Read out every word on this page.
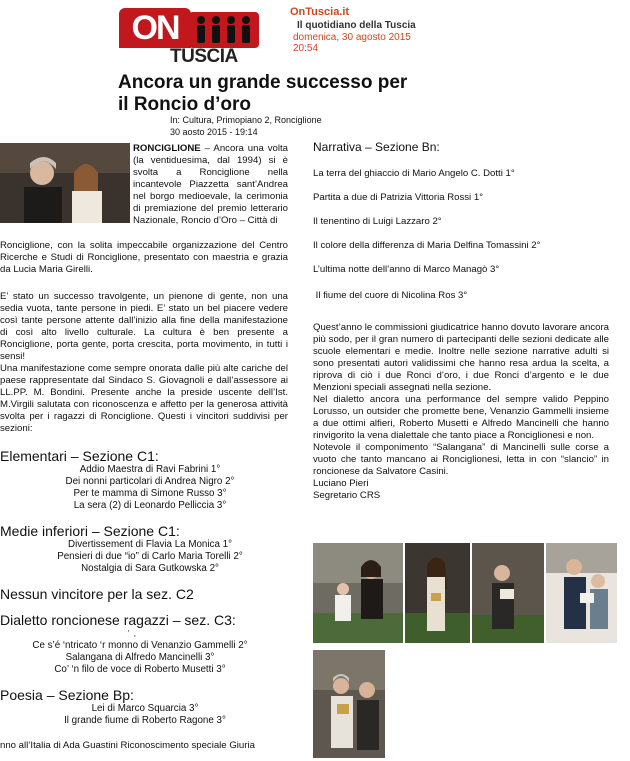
ON
TUSCIA
OnTuscia.it
Il quotidiano della Tuscia
domenica, 30 agosto 2015
20:54
Ancora un grande successo per il Roncio d’oro
In: Cultura, Primopiano 2, Ronciglione
30 aosto 2015 - 19:14
RONCIGLIONE – Ancora una volta (la ventiduesima, dal 1994) si è svolta a Ronciglione nella incantevole Piazzetta sant’Andrea nel borgo medioevale, la cerimonia di premiazione del premio letterario Nazionale, Roncio d’Oro – Città di
Ronciglione, con la solita impeccabile organizzazione del Centro Ricerche e Studi di Ronciglione, presentato con maestria e grazia da Lucia Maria Girelli.
E’ stato un successo travolgente, un pienone di gente, non una sedia vuota, tante persone in piedi. E’ stato un bel piacere vedere così tante persone attente dall’inizio alla fine della manifestazione di così alto livello culturale. La cultura è ben presente a Ronciglione, porta gente, porta crescita, porta movimento, in tutti i sensi!
Una manifestazione come sempre onorata dalle più alte cariche del paese rappresentate dal Sindaco S. Giovagnoli e dall’assessore ai LL.PP. M. Bondini. Presente anche la preside uscente dell’Ist. M.Virgili salutata con riconoscenza e affetto per la generosa attività svolta per i ragazzi di Ronciglione. Questi i vincitori suddivisi per sezioni:
Elementari – Sezione C1:
Addio Maestra di Ravi Fabrini 1°
Dei nonni particolari di Andrea Nigro 2°
Per te mamma di Simone Russo 3°
La sera (2) di Leonardo Pelliccia 3°
Medie inferiori – Sezione C1:
Divertissement di Flavia La Monica 1°
Pensieri di due “io” di Carlo Maria Torelli 2°
Nostalgia di Sara Gutkowska 2°
Nessun vincitore per la sez. C2
Dialetto roncionese ragazzi – sez. C3:
' ,
Ce s’é ‘ntricato ‘r monno di Venanzio Gammelli 2°
Salangana di Alfredo Mancinelli 3°
Co’ ‘n filo de voce di Roberto Musetti 3°
Poesia – Sezione Bp:
Lei di Marco Squarcia 3°
Il grande fiume di Roberto Ragone 3°
nno all’Italia di Ada Guastini Riconoscimento speciale Giuria
Narrativa – Sezione Bn:
La terra del ghiaccio di Mario Angelo C. Dotti 1°
Partita a due di Patrizia Vittoria Rossi 1°
Il tenentino di Luigi Lazzaro 2°
Il colore della differenza di Maria Delfina Tomassini 2°
L’ultima notte dell’anno di Marco Managò 3°
Il fiume del cuore di Nicolina Ros 3°
Quest’anno le commissioni giudicatrice hanno dovuto lavorare ancora più sodo, per il gran numero di partecipanti delle sezioni dedicate alle scuole elementari e medie. Inoltre nelle sezione narrative adulti si sono presentati autori validissimi che hanno resa ardua la scelta, a riprova di ciò i due Ronci d’oro, i due Ronci d’argento e le due Menzioni speciali assegnati nella sezione.
Nel dialetto ancora una performance del sempre valido Peppino Lorusso, un outsider che promette bene, Venanzio Gammelli insieme a due ottimi alfieri, Roberto Musetti e Alfredo Mancinelli che hanno rinvigorito la vena dialettale che tanto piace a Ronciglionesi e non.
Notevole il componimento “Salangana” di Mancinelli sulle corse a vuoto che tanto mancano ai Ronciglionesi, letta in con “slancio” in roncionese da Salvatore Casini.
Luciano Pieri
Segretario CRS
